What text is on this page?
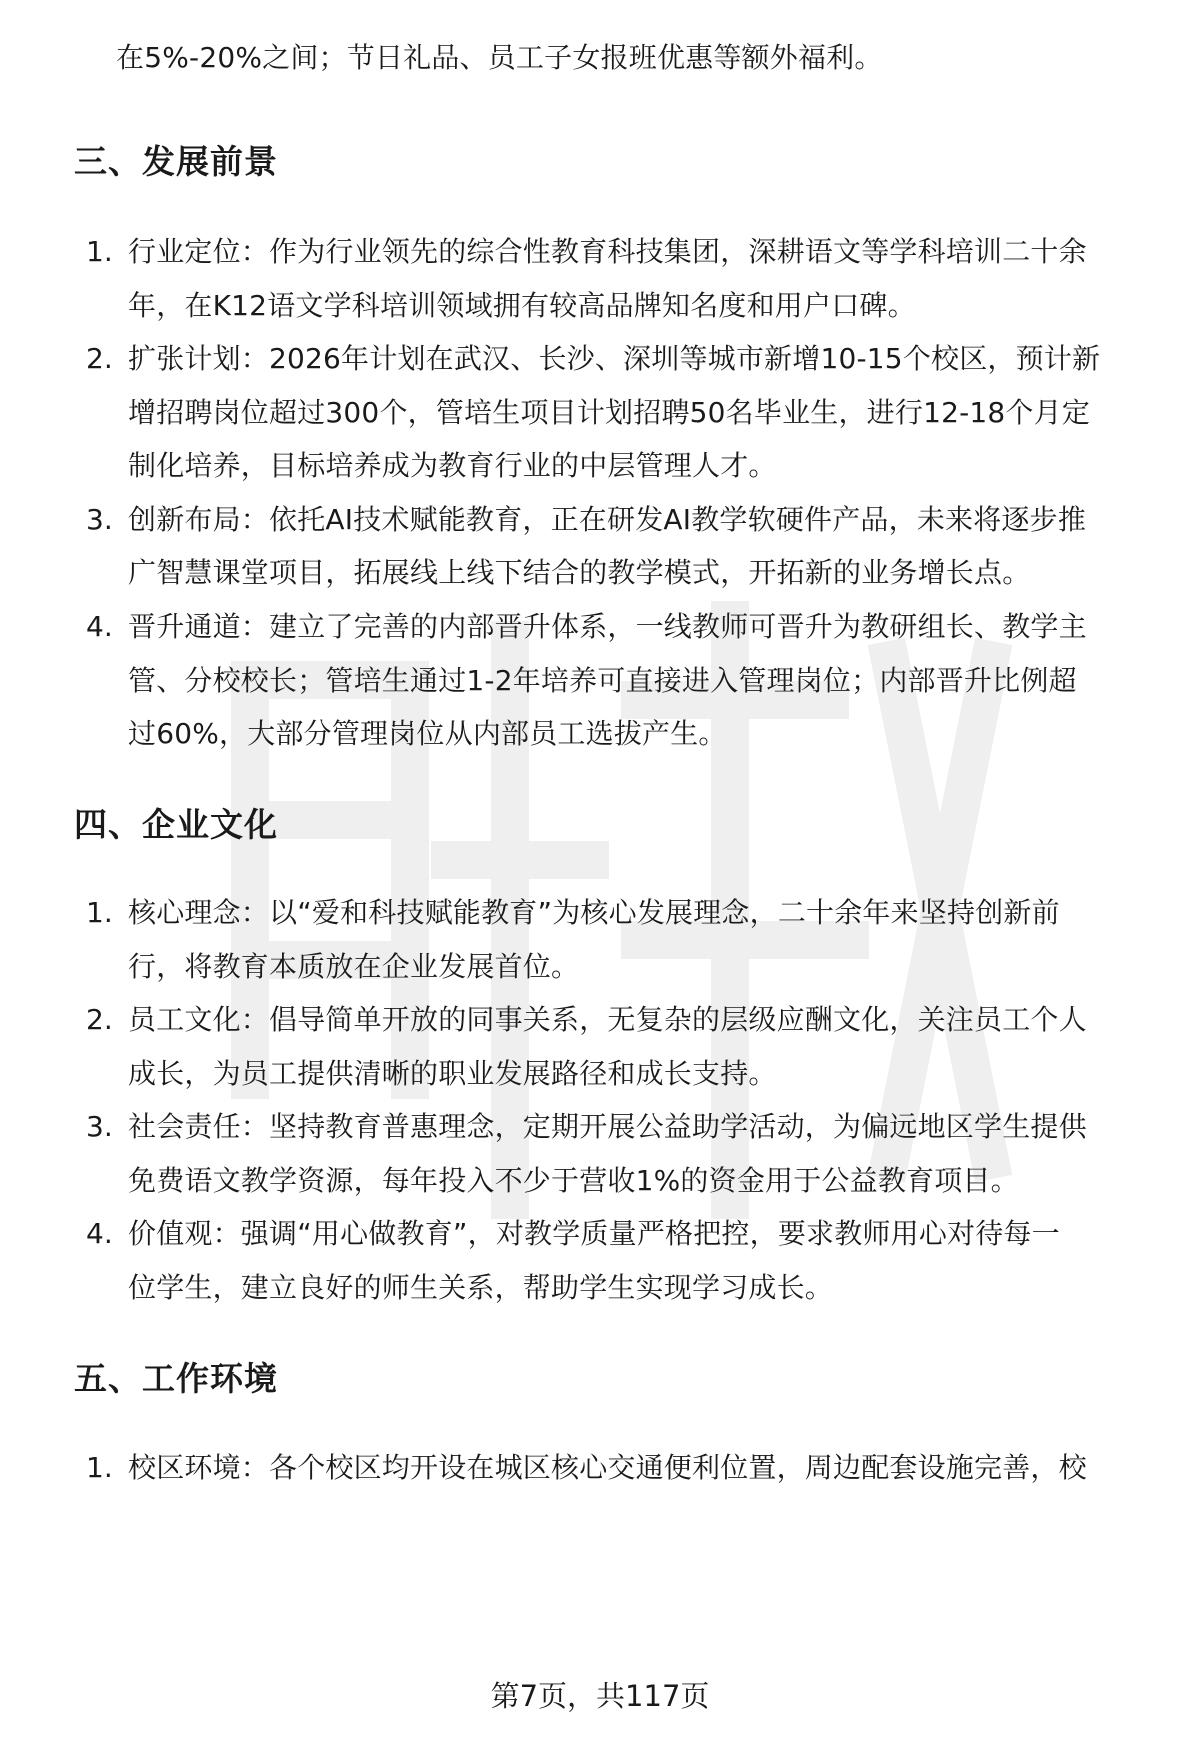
在5%-20%之间；节日礼品、员工子女报班优惠等额外福利。
三、发展前景
1. 行业定位：作为行业领先的综合性教育科技集团，深耕语文等学科培训二十余
年，在K12语文学科培训领域拥有较高品牌知名度和用户口碑。
2. 扩张计划：2026年计划在武汉、长沙、深圳等城市新增10-15个校区，预计新
增招聘岗位超过300个，管培生项目计划招聘50名毕业生，进行12-18个月定
制化培养，目标培养成为教育行业的中层管理人才。
3. 创新布局：依托AI技术赋能教育，正在研发AI教学软硬件产品，未来将逐步推
广智慧课堂项目，拓展线上线下结合的教学模式，开拓新的业务增长点。
4. 晋升通道：建立了完善的内部晋升体系，一线教师可晋升为教研组长、教学主
管、分校校长；管培生通过1-2年培养可直接进入管理岗位；内部晋升比例超
过60%，大部分管理岗位从内部员工选拔产生。
四、企业文化
1. 核心理念：以“爱和科技赋能教育”为核心发展理念，二十余年来坚持创新前
行，将教育本质放在企业发展首位。
2. 员工文化：倡导简单开放的同事关系，无复杂的层级应酬文化，关注员工个人
成长，为员工提供清晰的职业发展路径和成长支持。
3. 社会责任：坚持教育普惠理念，定期开展公益助学活动，为偏远地区学生提供
免费语文教学资源，每年投入不少于营收1%的资金用于公益教育项目。
4. 价值观：强调“用心做教育”，对教学质量严格把控，要求教师用心对待每一
位学生，建立良好的师生关系，帮助学生实现学习成长。
五、工作环境
1. 校区环境：各个校区均开设在城区核心交通便利位置，周边配套设施完善，校
第7页，共117页
